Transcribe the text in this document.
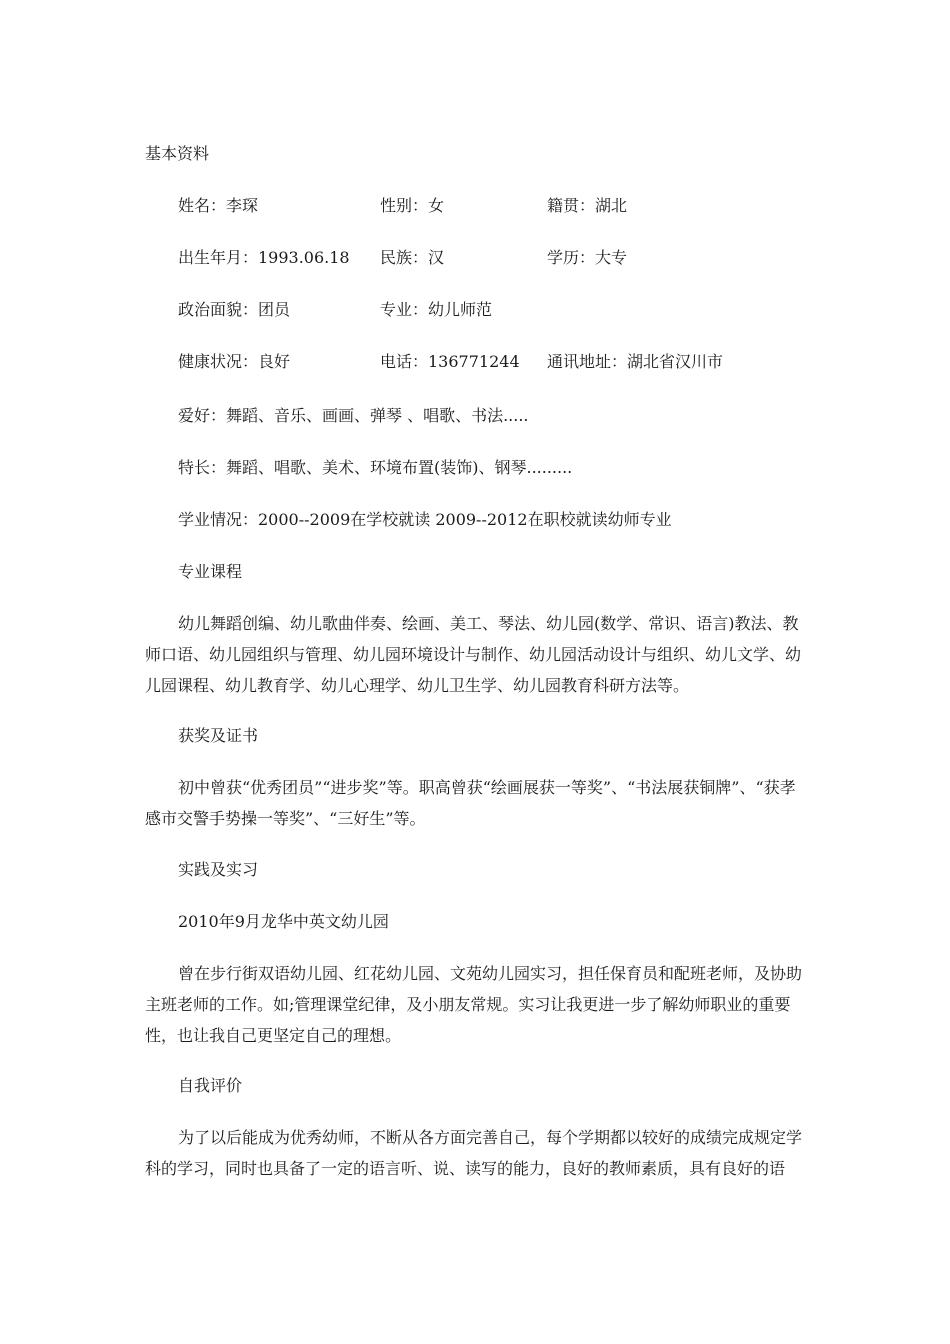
基本资料
姓名：李琛	性别：女	籍贯：湖北
出生年月：1993.06.18 民族：汉	学历：大专
政治面貌：团员	专业：幼儿师范
健康状况：良好	电话：136771244 通讯地址：湖北省汉川市
爱好：舞蹈、音乐、画画、弹琴 、唱歌、书法.....
特长：舞蹈、唱歌、美术、环境布置(装饰)、钢琴.........
学业情况：2000--2009在学校就读 2009--2012在职校就读幼师专业
专业课程
幼儿舞蹈创编、幼儿歌曲伴奏、绘画、美工、琴法、幼儿园(数学、常识、语言)教法、教师口语、幼儿园组织与管理、幼儿园环境设计与制作、幼儿园活动设计与组织、幼儿文学、幼儿园课程、幼儿教育学、幼儿心理学、幼儿卫生学、幼儿园教育科研方法等。
获奖及证书
初中曾获“优秀团员”“进步奖”等。职高曾获“绘画展获一等奖”、“书法展获铜牌”、“获孝感市交警手势操一等奖”、“三好生”等。
实践及实习
2010年9月龙华中英文幼儿园
曾在步行街双语幼儿园、红花幼儿园、文苑幼儿园实习，担任保育员和配班老师，及协助主班老师的工作。如;管理课堂纪律，及小朋友常规。实习让我更进一步了解幼师职业的重要性，也让我自己更坚定自己的理想。
自我评价
为了以后能成为优秀幼师，不断从各方面完善自己，每个学期都以较好的成绩完成规定学科的学习，同时也具备了一定的语言听、说、读写的能力，良好的教师素质，具有良好的语
